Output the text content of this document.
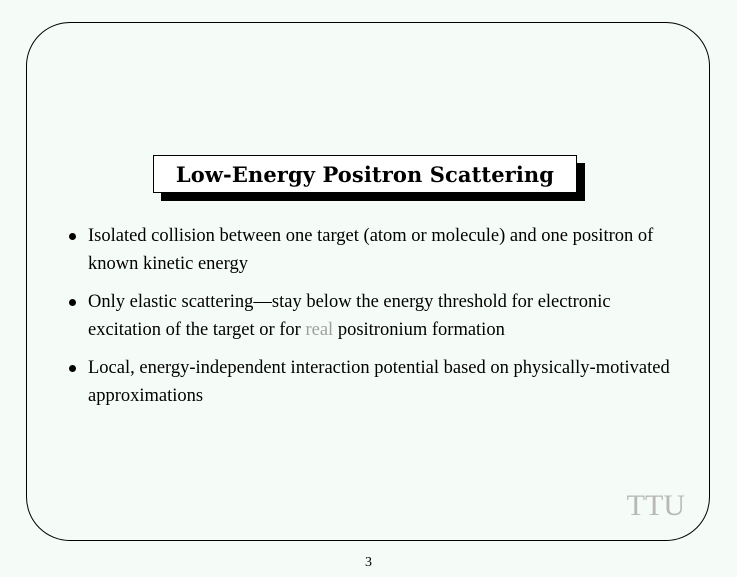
Low-Energy Positron Scattering
Isolated collision between one target (atom or molecule) and one positron of known kinetic energy
Only elastic scattering—stay below the energy threshold for electronic excitation of the target or for real positronium formation
Local, energy-independent interaction potential based on physically-motivated approximations
TTU
3
